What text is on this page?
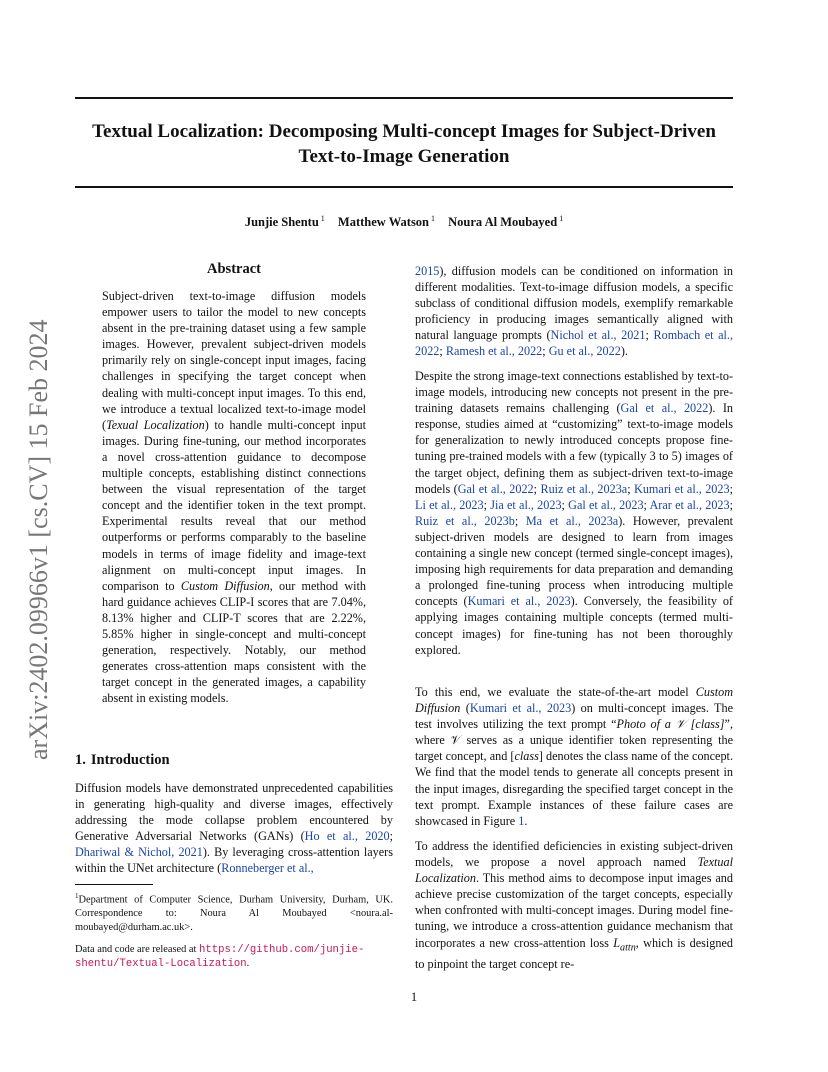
Textual Localization: Decomposing Multi-concept Images for Subject-Driven
Text-to-Image Generation
Junjie Shentu $^1$ Matthew Watson $^1$ Noura Al Moubayed $^1$
arXiv:2402.09966v1 [cs.CV] 15 Feb 2024
Abstract

Subject-driven text-to-image diffusion models empower users to tailor the model to new concepts absent in the pre-training dataset using a few sample images. However, prevalent subject-driven models primarily rely on single-concept input images, facing challenges in specifying the target concept when dealing with multi-concept input images. To this end, we introduce a textual localized text-to-image model (Texual Localization) to handle multi-concept input images. During fine-tuning, our method incorporates a novel cross-attention guidance to decompose multiple concepts, establishing distinct connections between the visual representation of the target concept and the identifier token in the text prompt. Experimental results reveal that our method outperforms or performs comparably to the baseline models in terms of image fidelity and image-text alignment on multi-concept input images. In comparison to Custom Diffusion, our method with hard guidance achieves CLIP-I scores that are 7.04%, 8.13% higher and CLIP-T scores that are 2.22%, 5.85% higher in single-concept and multi-concept generation, respectively. Notably, our method generates cross-attention maps consistent with the target concept in the generated images, a capability absent in existing models.

1. Introduction

Diffusion models have demonstrated unprecedented capabilities in generating high-quality and diverse images, effectively addressing the mode collapse problem encountered by Generative Adversarial Networks (GANs) (Ho et al., 2020; Dhariwal & Nichol, 2021). By leveraging cross-attention layers within the UNet architecture (Ronneberger et al.,

$^1$Department of Computer Science, Durham University, Durham, UK. Correspondence to: Noura Al Moubayed <noura.al-moubayed@durham.ac.uk>.
Data and code are released at https://github.com/junjie-shentu/Textual-Localization.

2015), diffusion models can be conditioned on information in different modalities. Text-to-image diffusion models, a specific subclass of conditional diffusion models, exemplify remarkable proficiency in producing images semantically aligned with natural language prompts (Nichol et al., 2021; Rombach et al., 2022; Ramesh et al., 2022; Gu et al., 2022).

Despite the strong image-text connections established by text-to-image models, introducing new concepts not present in the pre-training datasets remains challenging (Gal et al., 2022). In response, studies aimed at “customizing” text-to-image models for generalization to newly introduced concepts propose fine-tuning pre-trained models with a few (typically 3 to 5) images of the target object, defining them as subject-driven text-to-image models (Gal et al., 2022; Ruiz et al., 2023a; Kumari et al., 2023; Li et al., 2023; Jia et al., 2023; Gal et al., 2023; Arar et al., 2023; Ruiz et al., 2023b; Ma et al., 2023a). However, prevalent subject-driven models are designed to learn from images containing a single new concept (termed single-concept images), imposing high requirements for data preparation and demanding a prolonged fine-tuning process when introducing multiple concepts (Kumari et al., 2023). Conversely, the feasibility of applying images containing multiple concepts (termed multi-concept images) for fine-tuning has not been thoroughly explored.

To this end, we evaluate the state-of-the-art model Custom Diffusion (Kumari et al., 2023) on multi-concept images. The test involves utilizing the text prompt “Photo of a 𝒱 [class]”, where 𝒱 serves as a unique identifier token representing the target concept, and [class] denotes the class name of the concept. We find that the model tends to generate all concepts present in the input images, disregarding the specified target concept in the text prompt. Example instances of these failure cases are showcased in Figure 1.

To address the identified deficiencies in existing subject-driven models, we propose a novel approach named Textual Localization. This method aims to decompose input images and achieve precise customization of the target concepts, especially when confronted with multi-concept images. During model fine-tuning, we introduce a cross-attention guidance mechanism that incorporates a new cross-attention loss $L_{attn}$, which is designed to pinpoint the target concept re-

1
